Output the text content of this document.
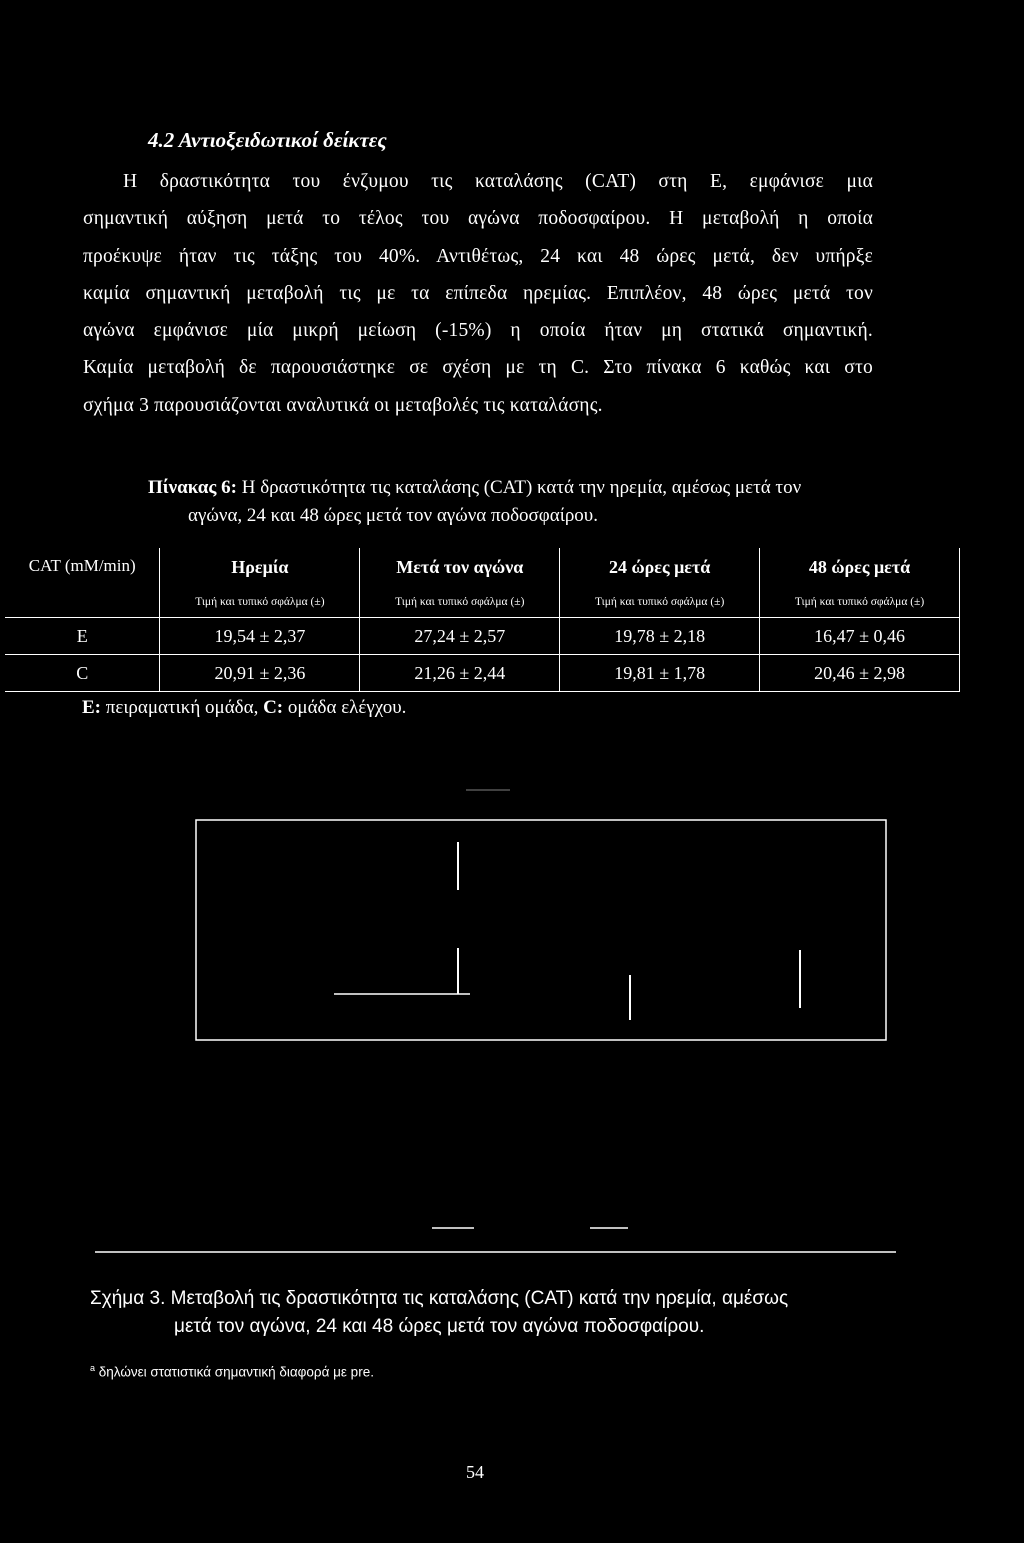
4.2 Αντιοξειδωτικοί δείκτες
Η δραστικότητα του ένζυμου τις καταλάσης (CAT) στη Ε, εμφάνισε μια
σημαντική αύξηση μετά το τέλος του αγώνα ποδοσφαίρου. Η μεταβολή η οποία
προέκυψε ήταν τις τάξης του 40%. Αντιθέτως, 24 και 48 ώρες μετά, δεν υπήρξε
καμία σημαντική μεταβολή τις με τα επίπεδα ηρεμίας. Επιπλέον, 48 ώρες μετά τον
αγώνα εμφάνισε μία μικρή μείωση (-15%) η οποία ήταν μη στατικά σημαντική.
Καμία μεταβολή δε παρουσιάστηκε σε σχέση με τη C. Στο πίνακα 6 καθώς και στο
σχήμα 3 παρουσιάζονται αναλυτικά οι μεταβολές τις καταλάσης.
Πίνακας 6: Η δραστικότητα τις καταλάσης (CAT) κατά την ηρεμία, αμέσως μετά τον
αγώνα, 24 και 48 ώρες μετά τον αγώνα ποδοσφαίρου.
CAT (mM/min)	Ηρεμία	Μετά τον αγώνα	24 ώρες μετά	48 ώρες μετά
	Τιμή και τυπικό σφάλμα (±)	Τιμή και τυπικό σφάλμα (±)	Τιμή και τυπικό σφάλμα (±)	Τιμή και τυπικό σφάλμα (±)
E	19,54 ± 2,37	27,24 ± 2,57	19,78 ± 2,18	16,47 ± 0,46
C	20,91 ± 2,36	21,26 ± 2,44	19,81 ± 1,78	20,46 ± 2,98
E: πειραματική ομάδα, C: ομάδα ελέγχου.
Σχήμα 3. Μεταβολή τις δραστικότητα τις καταλάσης (CAT) κατά την ηρεμία, αμέσως
μετά τον αγώνα, 24 και 48 ώρες μετά τον αγώνα ποδοσφαίρου.
$^a$ δηλώνει στατιστικά σημαντική διαφορά με pre.
54
